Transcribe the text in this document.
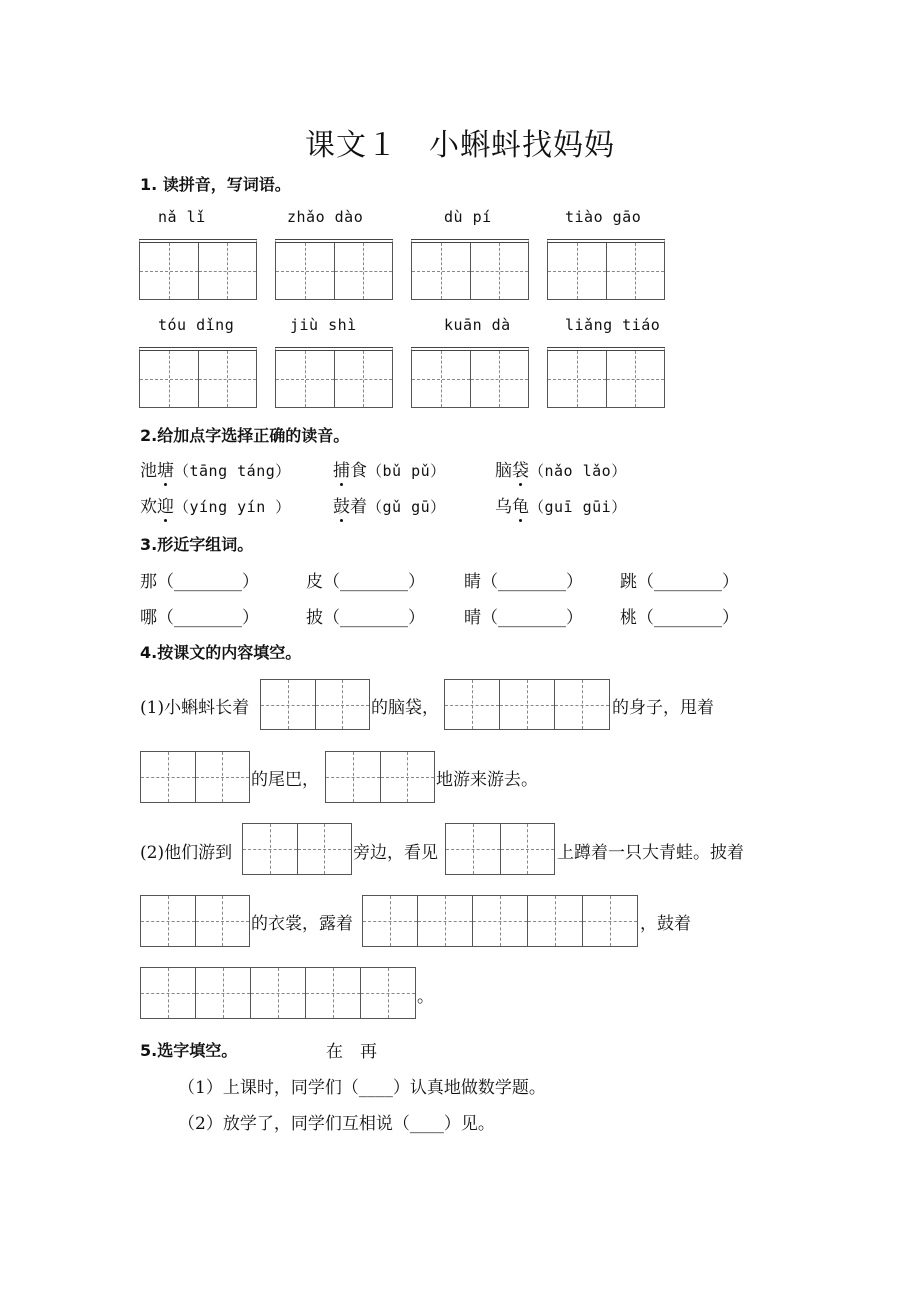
课文１　小蝌蚪找妈妈
1. 读拼音，写词语。
nǎ lǐ	zhǎo dào	dù pí	tiào gāo
tóu dǐng	jiù shì	kuān dà	liǎng tiáo
2.给加点字选择正确的读音。
池塘（tāng táng） 捕食（bǔ pǔ）	脑袋（nǎo lǎo）
欢迎（yíng yín ） 鼓着（gǔ gū）	乌龟（guī gūi）
3.形近字组词。
那（________）	皮（________） 睛（________） 跳（________）
哪（________）	披（________） 晴（________） 桃（________）
4.按课文的内容填空。
(1)小蝌蚪长着	的脑袋，	的身子，甩着
的尾巴，	地游来游去。
(2)他们游到	旁边，看见	上蹲着一只大青蛙。披着
的衣裳，露着	，鼓着
。
5.选字填空。	在　再
（1）上课时，同学们（____）认真地做数学题。
（2）放学了，同学们互相说（____）见。
